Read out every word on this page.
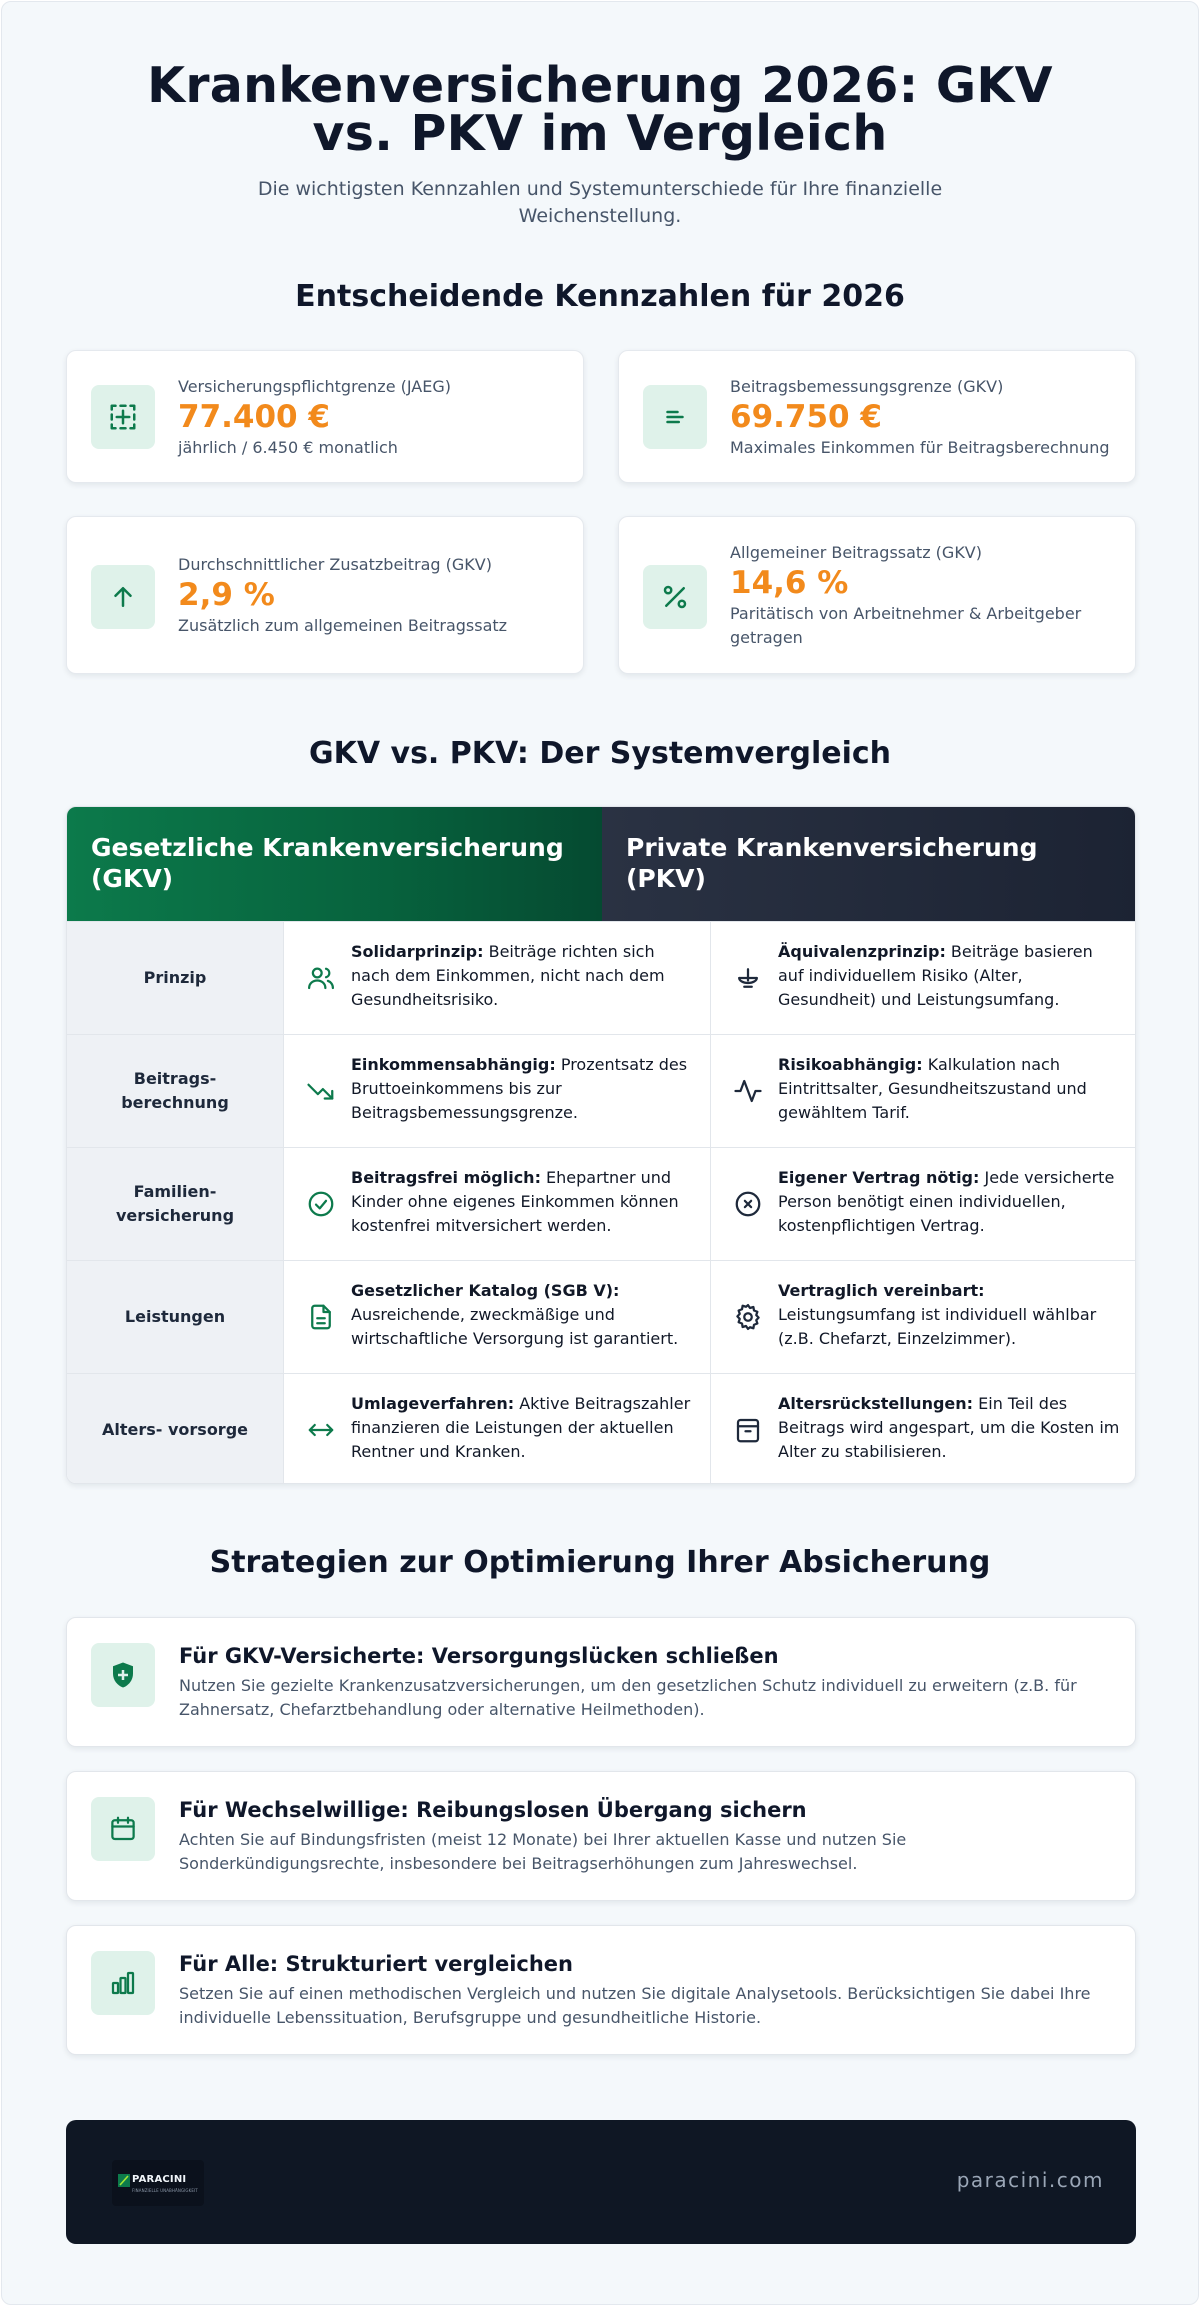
Krankenversicherung 2026: GKV vs. PKV im Vergleich

Die wichtigsten Kennzahlen und Systemunterschiede für Ihre finanzielle Weichenstellung.

Entscheidende Kennzahlen für 2026
Versicherungspflichtgrenze (JAEG)
77.400 €
jährlich / 6.450 € monatlich
Beitragsbemessungsgrenze (GKV)
69.750 €
Maximales Einkommen für Beitragsberechnung
Durchschnittlicher Zusatzbeitrag (GKV)
2,9 %
Zusätzlich zum allgemeinen Beitragssatz
Allgemeiner Beitragssatz (GKV)
14,6 %
Paritätisch von Arbeitnehmer & Arbeitgeber getragen
GKV vs. PKV: Der Systemvergleich
Gesetzliche Krankenversicherung (GKV)
Private Krankenversicherung (PKV)
Prinzip
Solidarprinzip: Beiträge richten sich nach dem Einkommen, nicht nach dem Gesundheitsrisiko.
Äquivalenzprinzip: Beiträge basieren auf individuellem Risiko (Alter, Gesundheit) und Leistungsumfang.
Beitrags- berechnung
Einkommensabhängig: Prozentsatz des Bruttoeinkommens bis zur Beitragsbemessungsgrenze.
Risikoabhängig: Kalkulation nach Eintrittsalter, Gesundheitszustand und gewähltem Tarif.
Familien- versicherung
Beitragsfrei möglich: Ehepartner und Kinder ohne eigenes Einkommen können kostenfrei mitversichert werden.
Eigener Vertrag nötig: Jede versicherte Person benötigt einen individuellen, kostenpflichtigen Vertrag.
Leistungen
Gesetzlicher Katalog (SGB V): Ausreichende, zweckmäßige und wirtschaftliche Versorgung ist garantiert.
Vertraglich vereinbart: Leistungsumfang ist individuell wählbar (z.B. Chefarzt, Einzelzimmer).
Alters- vorsorge
Umlageverfahren: Aktive Beitragszahler finanzieren die Leistungen der aktuellen Rentner und Kranken.
Altersrückstellungen: Ein Teil des Beitrags wird angespart, um die Kosten im Alter zu stabilisieren.
Strategien zur Optimierung Ihrer Absicherung
Für GKV-Versicherte: Versorgungslücken schließen
Nutzen Sie gezielte Krankenzusatzversicherungen, um den gesetzlichen Schutz individuell zu erweitern (z.B. für Zahnersatz, Chefarztbehandlung oder alternative Heilmethoden).
Für Wechselwillige: Reibungslosen Übergang sichern
Achten Sie auf Bindungsfristen (meist 12 Monate) bei Ihrer aktuellen Kasse und nutzen Sie Sonderkündigungsrechte, insbesondere bei Beitragserhöhungen zum Jahreswechsel.
Für Alle: Strukturiert vergleichen
Setzen Sie auf einen methodischen Vergleich und nutzen Sie digitale Analysetools. Berücksichtigen Sie dabei Ihre individuelle Lebenssituation, Berufsgruppe und gesundheitliche Historie.
PARACINI
FINANZIELLE UNABHÄNGIGKEIT	paracini.com
